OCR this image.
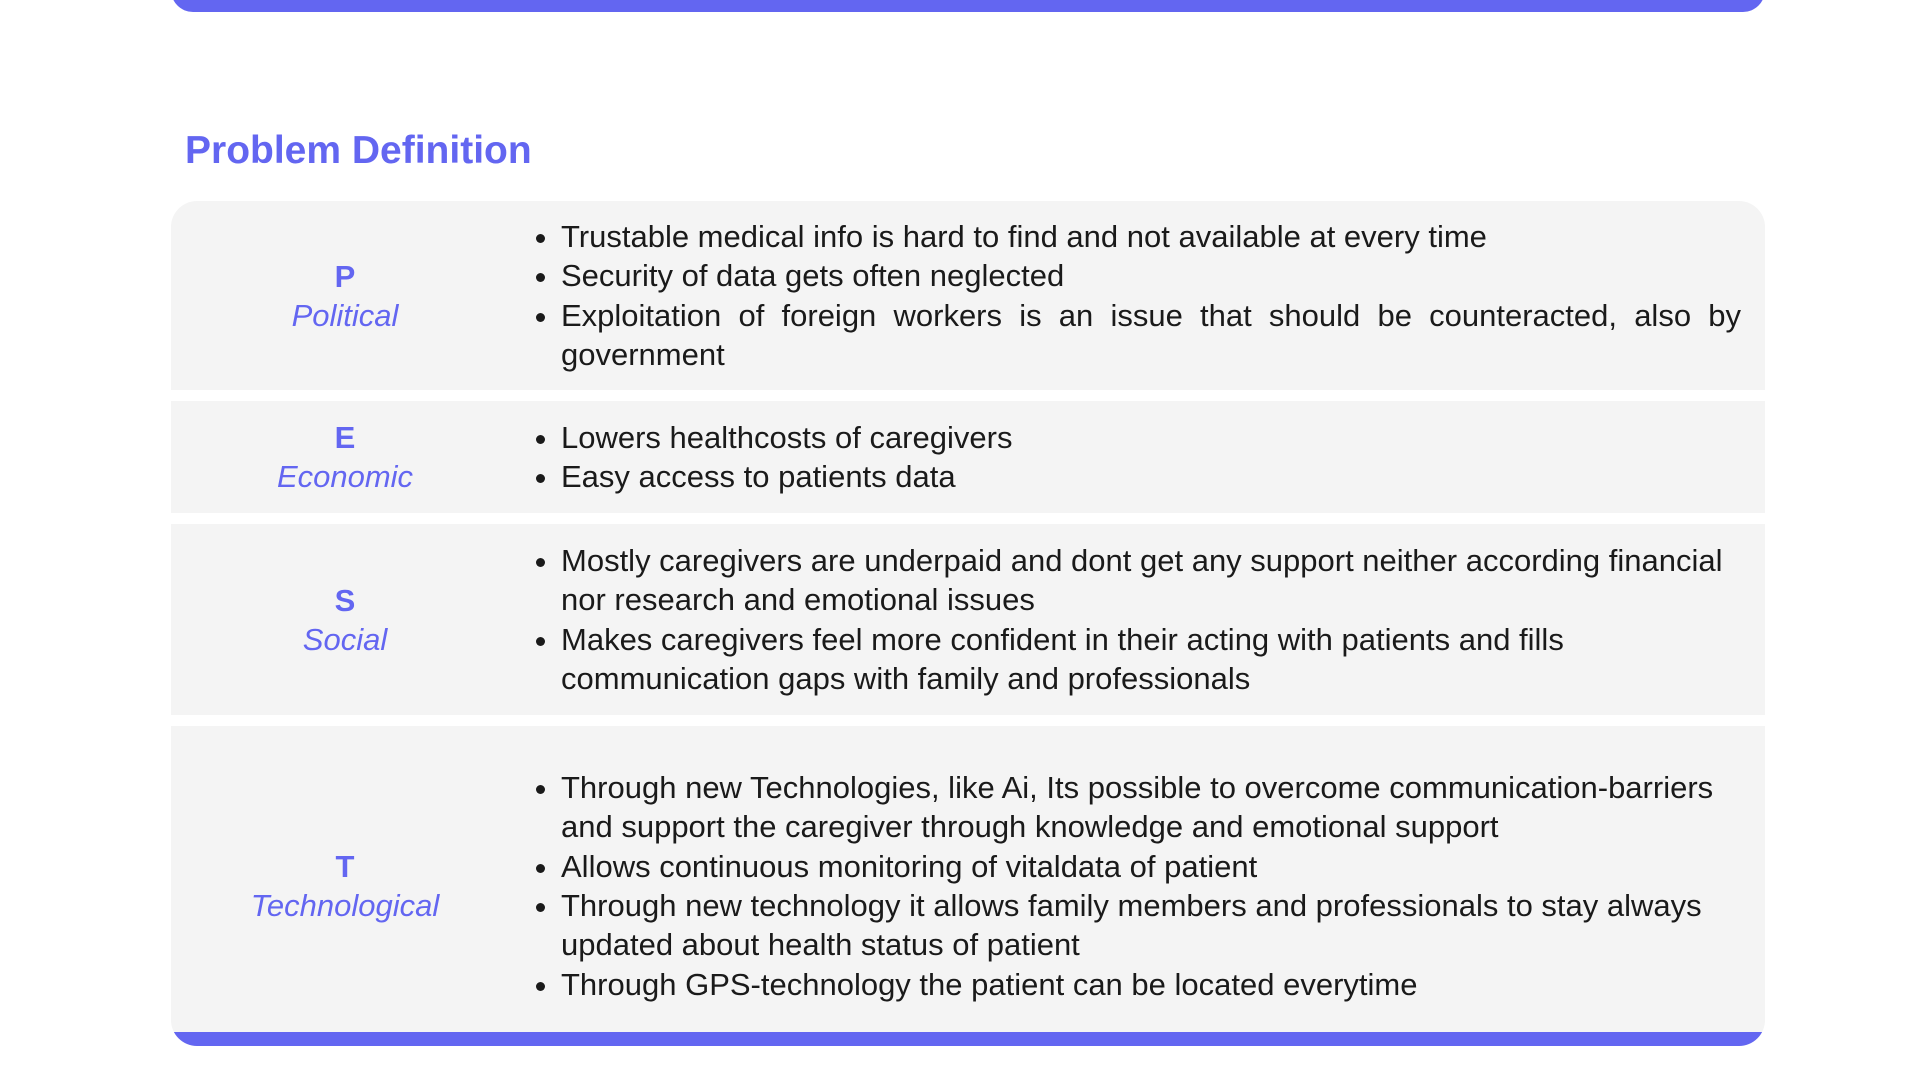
Problem Definition
P
Political
• Trustable medical info is hard to find and not available at every time
• Security of data gets often neglected
• Exploitation of foreign workers is an issue that should be counteracted, also by government
E
Economic
• Lowers healthcosts of caregivers
• Easy access to patients data
S
Social
• Mostly caregivers are underpaid and dont get any support neither according financial nor research and emotional issues
• Makes caregivers feel more confident in their acting with patients and fills communication gaps with family and professionals
T
Technological
• Through new Technologies, like Ai, Its possible to overcome communication-barriers and support the caregiver through knowledge and emotional support
• Allows continuous monitoring of vitaldata of patient
• Through new technology it allows family members and professionals to stay always updated about health status of patient
• Through GPS-technology the patient can be located everytime
